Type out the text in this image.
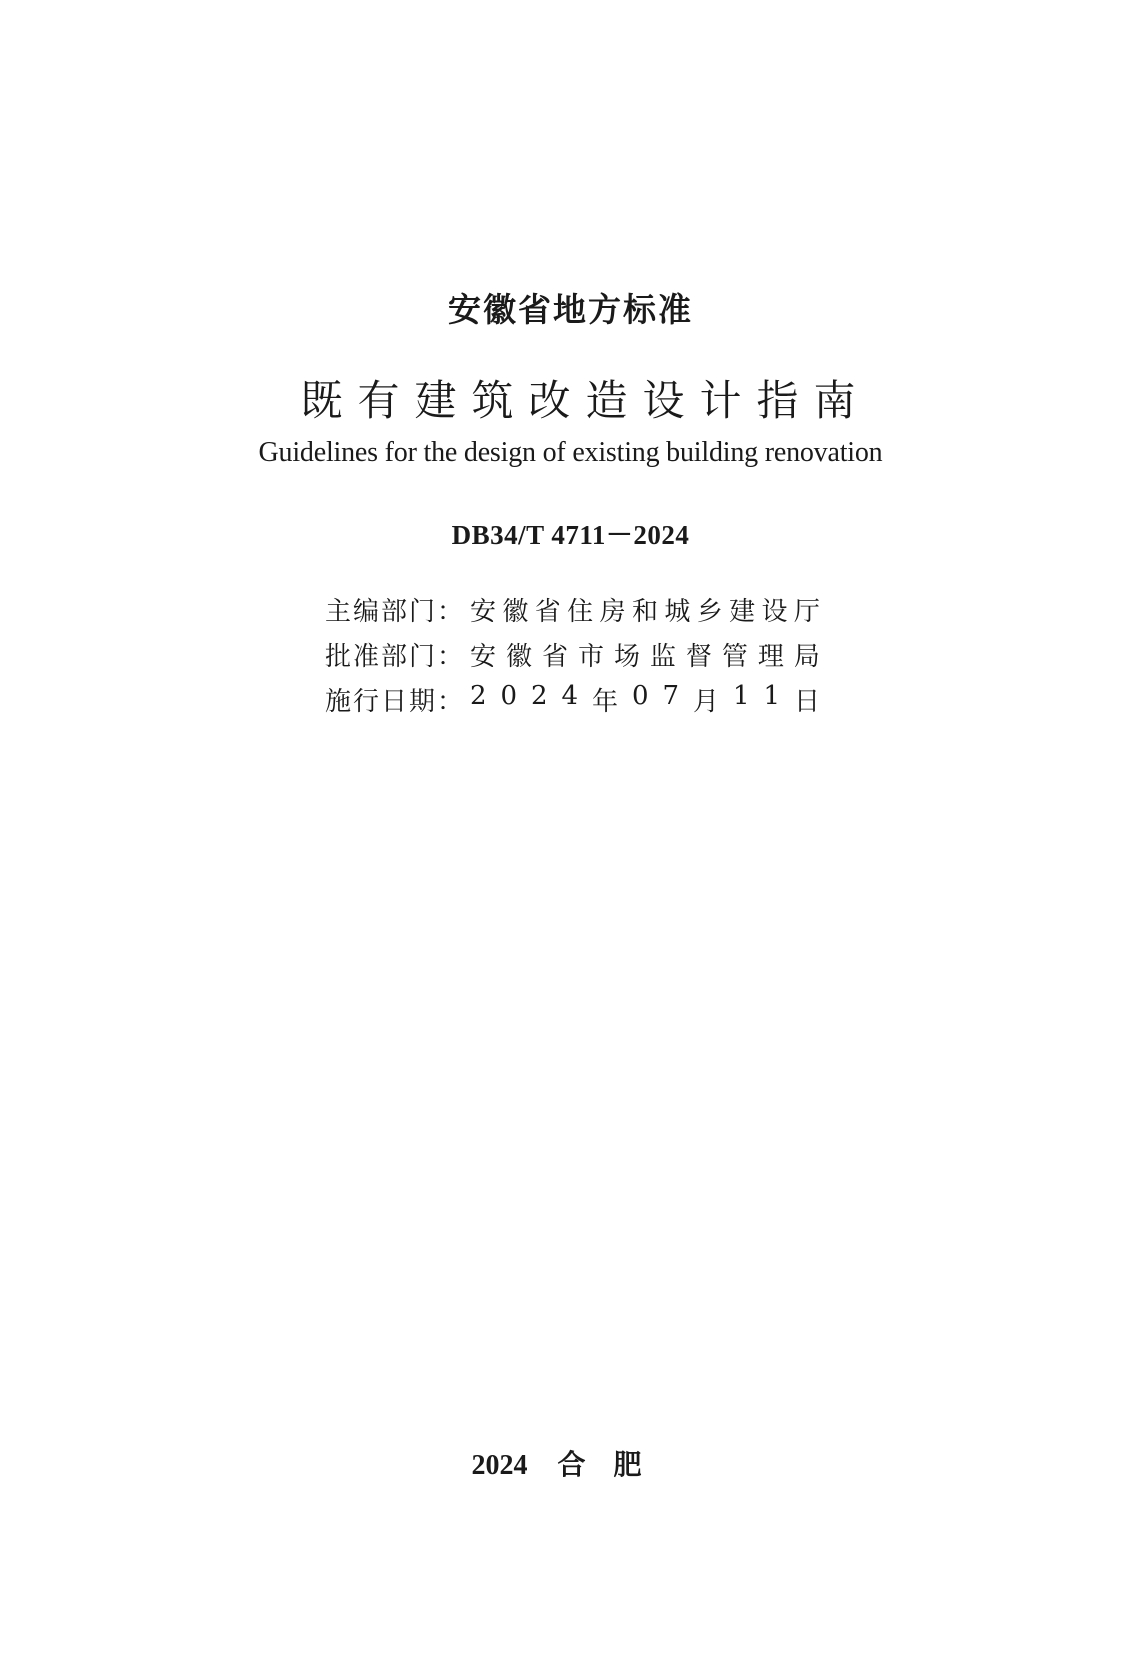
安徽省地方标准
既有建筑改造设计指南
Guidelines for the design of existing building renovation
DB34/T 4711－2024
主编部门： 安 徽 省 住 房 和 城 乡 建 设 厅
批准部门： 安 徽 省 市 场 监 督 管 理 局
施行日期： 2 0 2 4 年 0 7 月 1 1 日
2024 合肥
